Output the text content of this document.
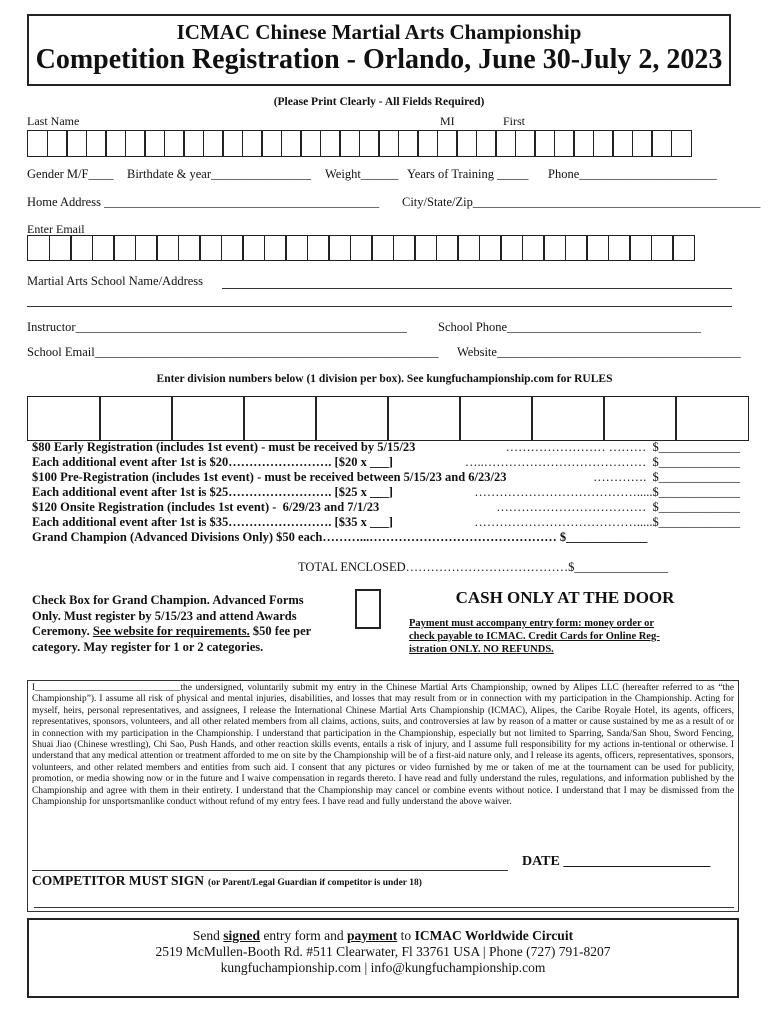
ICMAC Chinese Martial Arts Championship
Competition Registration - Orlando, June 30-July 2, 2023
(Please Print Clearly - All Fields Required)
Last Name	MI	First
Gender M/F____ Birthdate & year________________ Weight______ Years of Training _____ Phone______________________
Home Address ____________________________________________ City/State/Zip______________________________________________
Enter Email
Martial Arts School Name/Address
Instructor_____________________________________________________ School Phone_______________________________
School Email_______________________________________________________ Website_______________________________________
Enter division numbers below (1 division per box). See kungfuchampionship.com for RULES
$80 Early Registration (includes 1st event) - must be received by 5/15/23	…………………… ………  $_____________
Each additional event after 1st is $20……………………. [$20 x ___]	…..…………………………………  $_____________
$100 Pre-Registration (includes 1st event) - must be received between 5/15/23 and 6/23/23	………….  $_____________
Each additional event after 1st is $25……………………. [$25 x ___]	………………………………….....$_____________
$120 Onsite Registration (includes 1st event) -  6/29/23 and 7/1/23	………………………………  $_____________
Each additional event after 1st is $35……………………. [$35 x ___]	………………………………….....$_____________
Grand Champion (Advanced Divisions Only) $50 each………...……………………………………… $_____________
TOTAL ENCLOSED…………………………………$_______________
Check Box for Grand Champion. Advanced Forms
Only. Must register by 5/15/23 and attend Awards
Ceremony. See website for requirements. $50 fee per
category. May register for 1 or 2 categories.
CASH ONLY AT THE DOOR
Payment must accompany entry form: money order or
check payable to ICMAC. Credit Cards for Online Reg-
istration ONLY. NO REFUNDS.
I_______________________________the undersigned, voluntarily submit my entry in the Chinese Martial Arts Championship, owned by Alipes LLC (hereafter referred to as “the Championship”). I assume all risk of physical and mental injuries, disabilities, and losses that may result from or in connection with my participation in the Championship. Acting for myself, heirs, personal representatives, and assignees, I release the International Chinese Martial Arts Championship (ICMAC), Alipes, the Caribe Royale Hotel, its agents, officers, representatives, sponsors, volunteers, and all other related members from all claims, actions, suits, and controversies at law by reason of a matter or cause sustained by me as a result of or in connection with my participation in the Championship. I understand that participation in the Championship, especially but not limited to Sparring, Sanda/San Shou, Sword Fencing, Shuai Jiao (Chinese wrestling), Chi Sao, Push Hands, and other reaction skills events, entails a risk of injury, and I assume full responsibility for my actions in-tentional or otherwise. I understand that any medical attention or treatment afforded to me on site by the Championship will be of a first-aid nature only, and I release its agents, officers, representatives, sponsors, volunteers, and other related members and entities from such aid. I consent that any pictures or video furnished by me or taken of me at the tournament can be used for publicity, promotion, or media showing now or in the future and I waive compensation in regards thereto. I have read and fully understand the rules, regulations, and information published by the Championship and agree with them in their entirety. I understand that the Championship may cancel or combine events without notice. I understand that I may be dismissed from the Championship for unsportsmanlike conduct without refund of my entry fees. I have read and fully understand the above waiver.
DATE _____________________
COMPETITOR MUST SIGN (or Parent/Legal Guardian if competitor is under 18)
Send signed entry form and payment to ICMAC Worldwide Circuit
2519 McMullen-Booth Rd. #511 Clearwater, Fl 33761 USA | Phone (727) 791-8207
kungfuchampionship.com | info@kungfuchampionship.com
